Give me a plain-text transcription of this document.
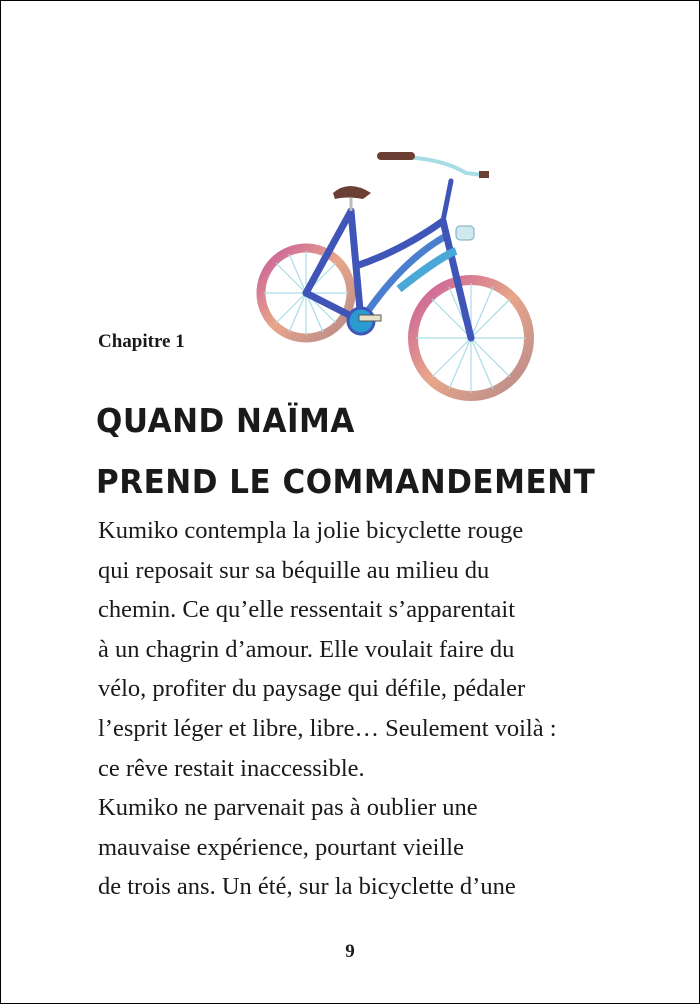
Chapitre 1
QUAND NAÏMA
PREND LE COMMANDEMENT
Kumiko contempla la jolie bicyclette rouge
qui reposait sur sa béquille au milieu du
chemin. Ce qu’elle ressentait s’apparentait
à un chagrin d’amour. Elle voulait faire du
vélo, profiter du paysage qui défile, pédaler
l’esprit léger et libre, libre… Seulement voilà :
ce rêve restait inaccessible.
Kumiko ne parvenait pas à oublier une
mauvaise expérience, pourtant vieille
de trois ans. Un été, sur la bicyclette d’une
9
